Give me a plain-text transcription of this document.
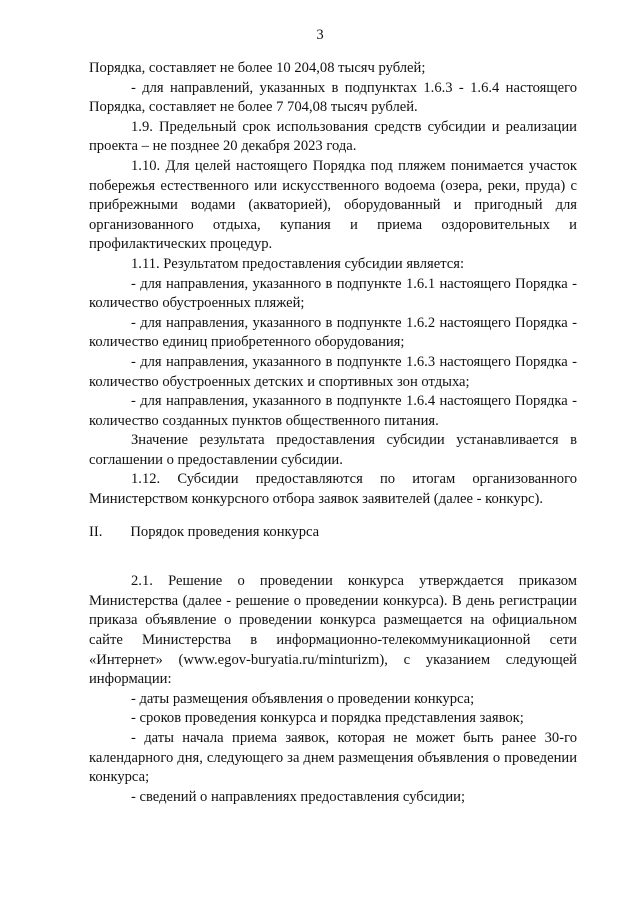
3

Порядка, составляет не более 10 204,08 тысяч рублей;

- для направлений, указанных в подпунктах 1.6.3 - 1.6.4 настоящего Порядка, составляет не более 7 704,08 тысяч рублей.

1.9. Предельный срок использования средств субсидии и реализации проекта – не позднее 20 декабря 2023 года.

1.10. Для целей настоящего Порядка под пляжем понимается участок побережья естественного или искусственного водоема (озера, реки, пруда) с прибрежными водами (акваторией), оборудованный и пригодный для организованного отдыха, купания и приема оздоровительных и профилактических процедур.

1.11. Результатом предоставления субсидии является:

- для направления, указанного в подпункте 1.6.1 настоящего Порядка - количество обустроенных пляжей;

- для направления, указанного в подпункте 1.6.2 настоящего Порядка - количество единиц приобретенного оборудования;

- для направления, указанного в подпункте 1.6.3 настоящего Порядка - количество обустроенных детских и спортивных зон отдыха;

- для направления, указанного в подпункте 1.6.4 настоящего Порядка - количество созданных пунктов общественного питания.

Значение результата предоставления субсидии устанавливается в соглашении о предоставлении субсидии.

1.12. Субсидии предоставляются по итогам организованного Министерством конкурсного отбора заявок заявителей (далее - конкурс).

II. Порядок проведения конкурса

2.1. Решение о проведении конкурса утверждается приказом Министерства (далее - решение о проведении конкурса). В день регистрации приказа объявление о проведении конкурса размещается на официальном сайте Министерства в информационно-телекоммуникационной сети «Интернет» (www.egov-buryatia.ru/minturizm), с указанием следующей информации:

- даты размещения объявления о проведении конкурса;

- сроков проведения конкурса и порядка представления заявок;

- даты начала приема заявок, которая не может быть ранее 30-го календарного дня, следующего за днем размещения объявления о проведении конкурса;

- сведений о направлениях предоставления субсидии;
